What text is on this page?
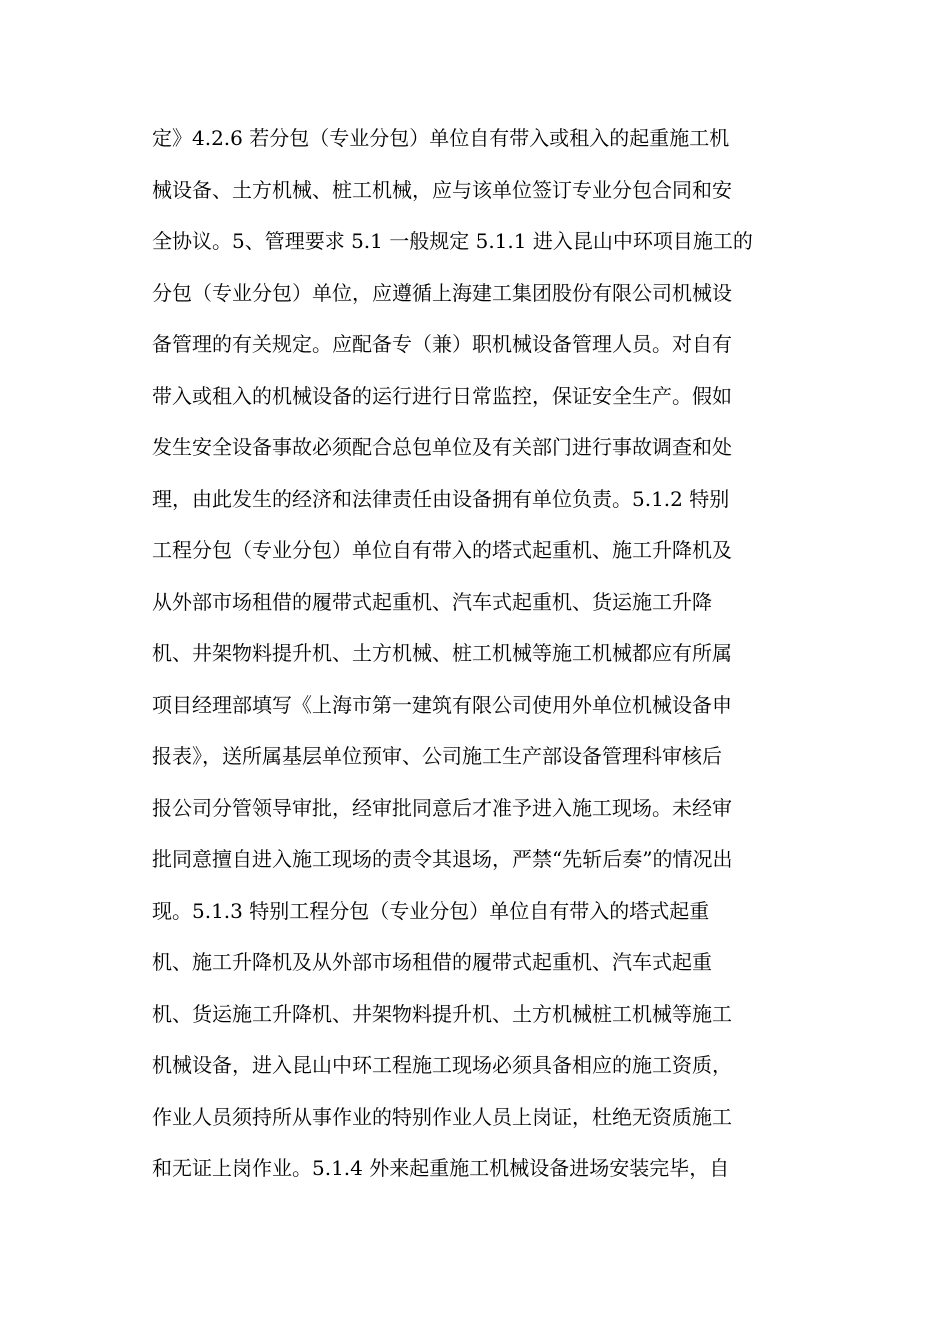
定》4.2.6 若分包（专业分包）单位自有带入或租入的起重施工机
械设备、土方机械、桩工机械，应与该单位签订专业分包合同和安
全协议。5、管理要求 5.1 一般规定 5.1.1 进入昆山中环项目施工的
分包（专业分包）单位，应遵循上海建工集团股份有限公司机械设
备管理的有关规定。应配备专（兼）职机械设备管理人员。对自有
带入或租入的机械设备的运行进行日常监控，保证安全生产。假如
发生安全设备事故必须配合总包单位及有关部门进行事故调查和处
理，由此发生的经济和法律责任由设备拥有单位负责。5.1.2 特别
工程分包（专业分包）单位自有带入的塔式起重机、施工升降机及
从外部市场租借的履带式起重机、汽车式起重机、货运施工升降
机、井架物料提升机、土方机械、桩工机械等施工机械都应有所属
项目经理部填写《上海市第一建筑有限公司使用外单位机械设备申
报表》，送所属基层单位预审、公司施工生产部设备管理科审核后
报公司分管领导审批，经审批同意后才准予进入施工现场。未经审
批同意擅自进入施工现场的责令其退场，严禁“先斩后奏”的情况出
现。5.1.3 特别工程分包（专业分包）单位自有带入的塔式起重
机、施工升降机及从外部市场租借的履带式起重机、汽车式起重
机、货运施工升降机、井架物料提升机、土方机械桩工机械等施工
机械设备，进入昆山中环工程施工现场必须具备相应的施工资质，
作业人员须持所从事作业的特别作业人员上岗证，杜绝无资质施工
和无证上岗作业。5.1.4 外来起重施工机械设备进场安装完毕，自
